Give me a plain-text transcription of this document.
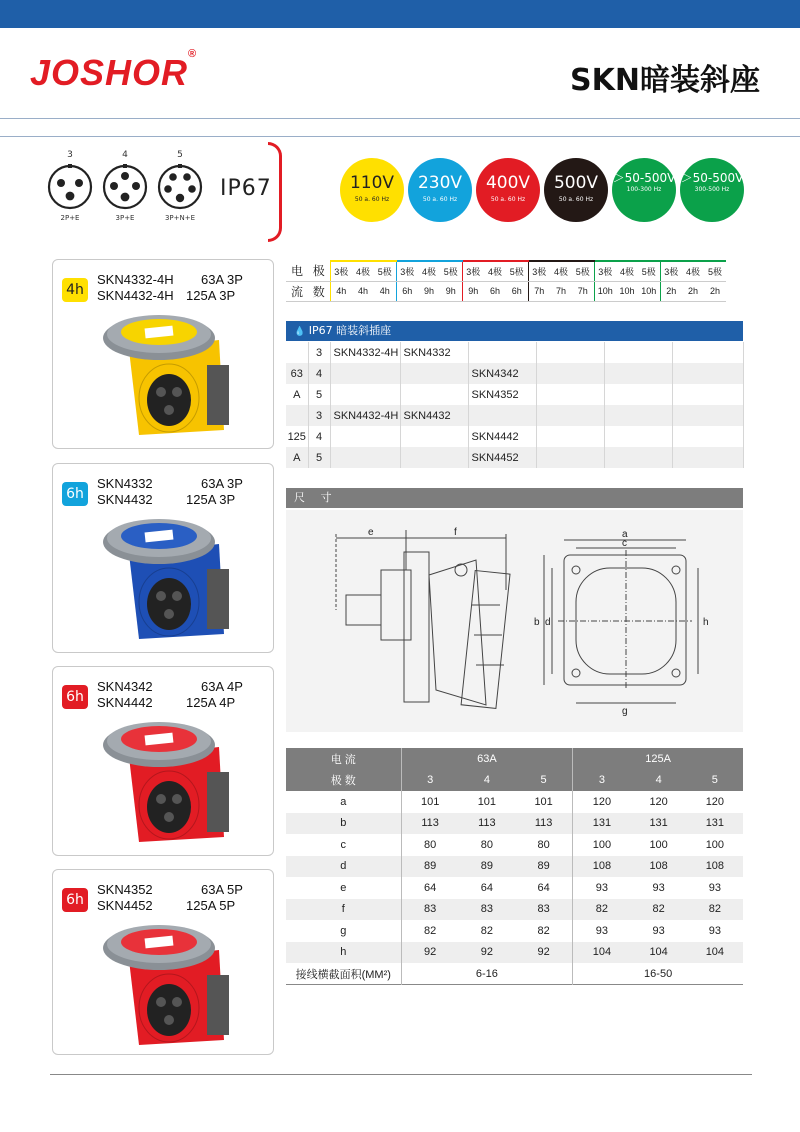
JOSHOR®
SKN暗装斜座
3
2P+E
4
3P+E
5
3P+N+E
IP67	110V
50 a. 60 Hz
230V
50 a. 60 Hz
400V
50 a. 60 Hz
500V
50 a. 60 Hz
＞50-500V
100-300 Hz
＞50-500V
300-500 Hz
4h
SKN4332-4H 63A 3P
SKN4432-4H 125A 3P
6h
SKN4332	63A 3P
SKN4432	125A 3P
6h
SKN4342	63A 4P
SKN4442	125A 4P
6h
SKN4352	63A 5P
SKN4452	125A 5P
电	极	3极	4极	5极	3极	4极	5极	3极	4极	5极	3极	4极	5极	3极	4极	5极	3极	4极	5极
流	数	4h	4h	4h	6h	9h	9h	9h	6h	6h	7h	7h	7h	10h	10h	10h	2h	2h	2h
💧 IP67 暗装斜插座
	3	SKN4332-4H	SKN4332				
63	4			SKN4342			
A	5			SKN4352			
	3	SKN4432-4H	SKN4432				
125	4			SKN4442			
A	5			SKN4452			
尺 寸
e	f	a
c
b d	h
g
电 流	63A			125A		
极 数	3	4	5	3	4	5
a	101	101	101	120	120	120
b	113	113	113	131	131	131
c	80	80	80	100	100	100
d	89	89	89	108	108	108
e	64	64	64	93	93	93
f	83	83	83	82	82	82
g	82	82	82	93	93	93
h	92	92	92	104	104	104
接线横截面积(MM²)	6-16			16-50		
